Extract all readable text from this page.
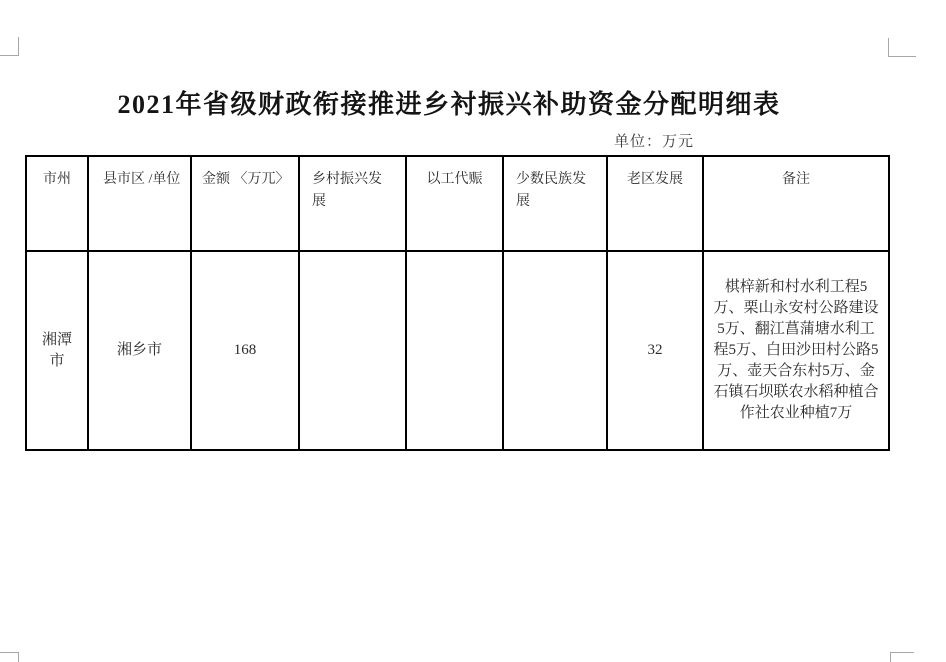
2021年省级财政衔接推进乡衬振兴补助资金分配明细表
单位：万元
市州	县市区 /单位	金额 〈万兀〉	乡村振兴发展	以工代赈	少数民族发展	老区发展	备注
湘潭市	湘乡市	168				32	棋梓新和村水利工程5万、栗山永安村公路建设5万、翻江菖蒲塘水利工程5万、白田沙田村公路5万、壶天合东村5万、金石镇石坝联农水稻种植合作社农业种植7万
